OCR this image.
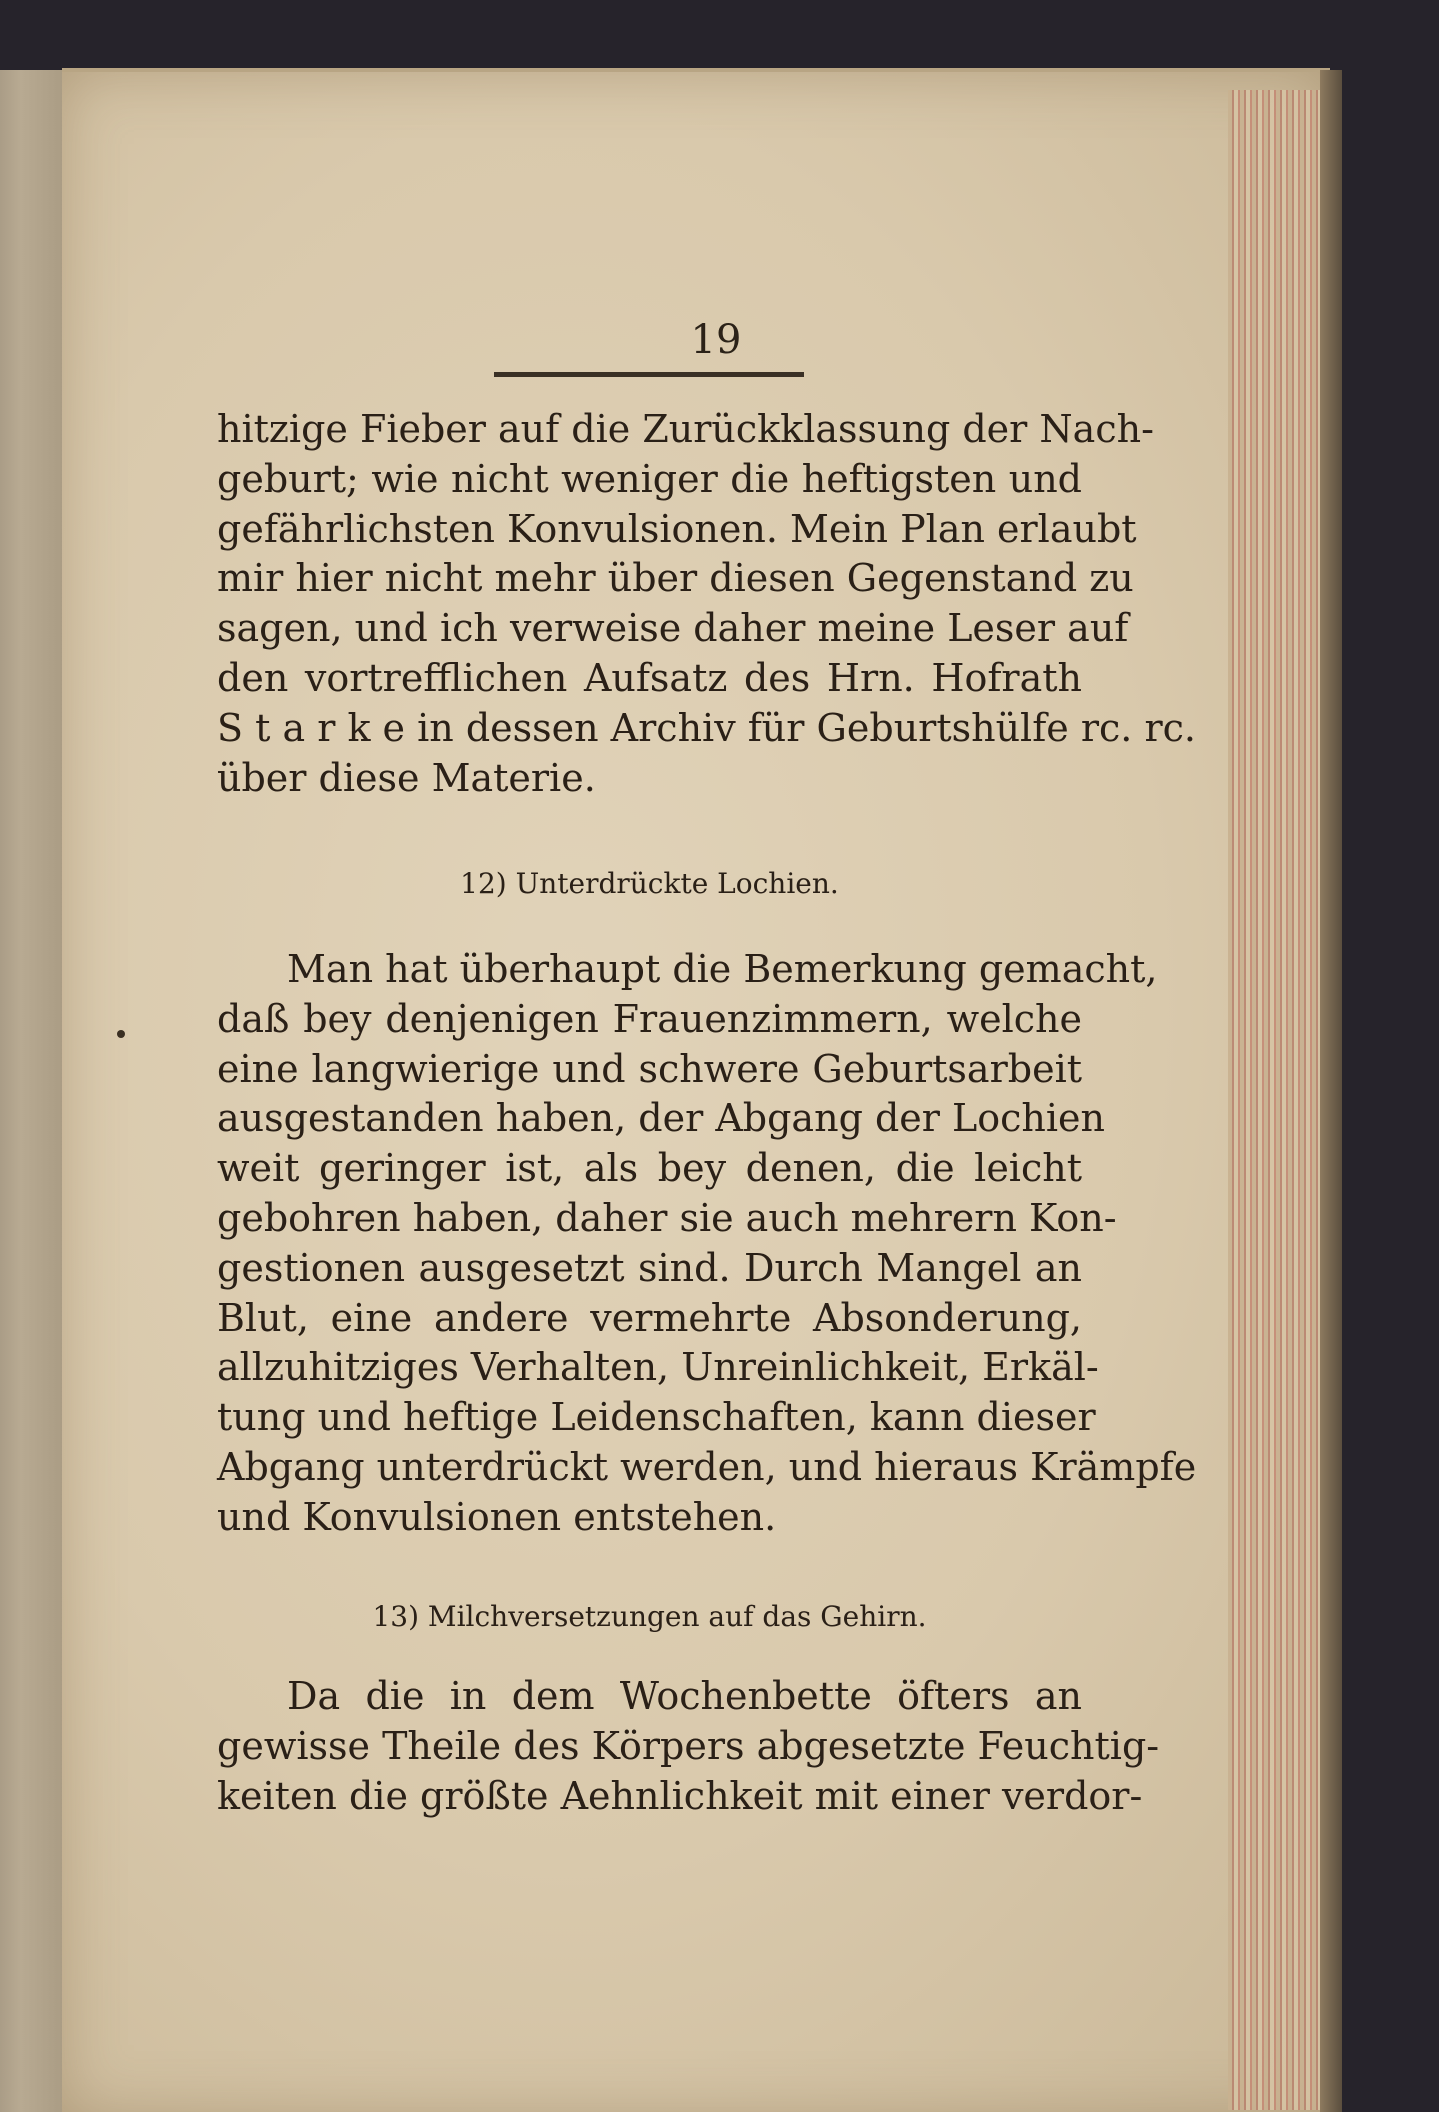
19
hitzige Fieber auf die Zurückklassung der Nach-
geburt; wie nicht weniger die heftigsten und
gefährlichsten Konvulsionen. Mein Plan erlaubt
mir hier nicht mehr über diesen Gegenstand zu
sagen, und ich verweise daher meine Leser auf
den vortrefflichen Aufsatz des Hrn. Hofrath
S t a r k e in dessen Archiv für Geburtshülfe rc. rc.
über diese Materie.
12) Unterdrückte Lochien.
Man hat überhaupt die Bemerkung gemacht,
daß bey denjenigen Frauenzimmern, welche
eine langwierige und schwere Geburtsarbeit
ausgestanden haben, der Abgang der Lochien
weit geringer ist, als bey denen, die leicht
gebohren haben, daher sie auch mehrern Kon-
gestionen ausgesetzt sind. Durch Mangel an
Blut, eine andere vermehrte Absonderung,
allzuhitziges Verhalten, Unreinlichkeit, Erkäl-
tung und heftige Leidenschaften, kann dieser
Abgang unterdrückt werden, und hieraus Krämpfe
und Konvulsionen entstehen.
13) Milchversetzungen auf das Gehirn.
Da die in dem Wochenbette öfters an
gewisse Theile des Körpers abgesetzte Feuchtig-
keiten die größte Aehnlichkeit mit einer verdor-
